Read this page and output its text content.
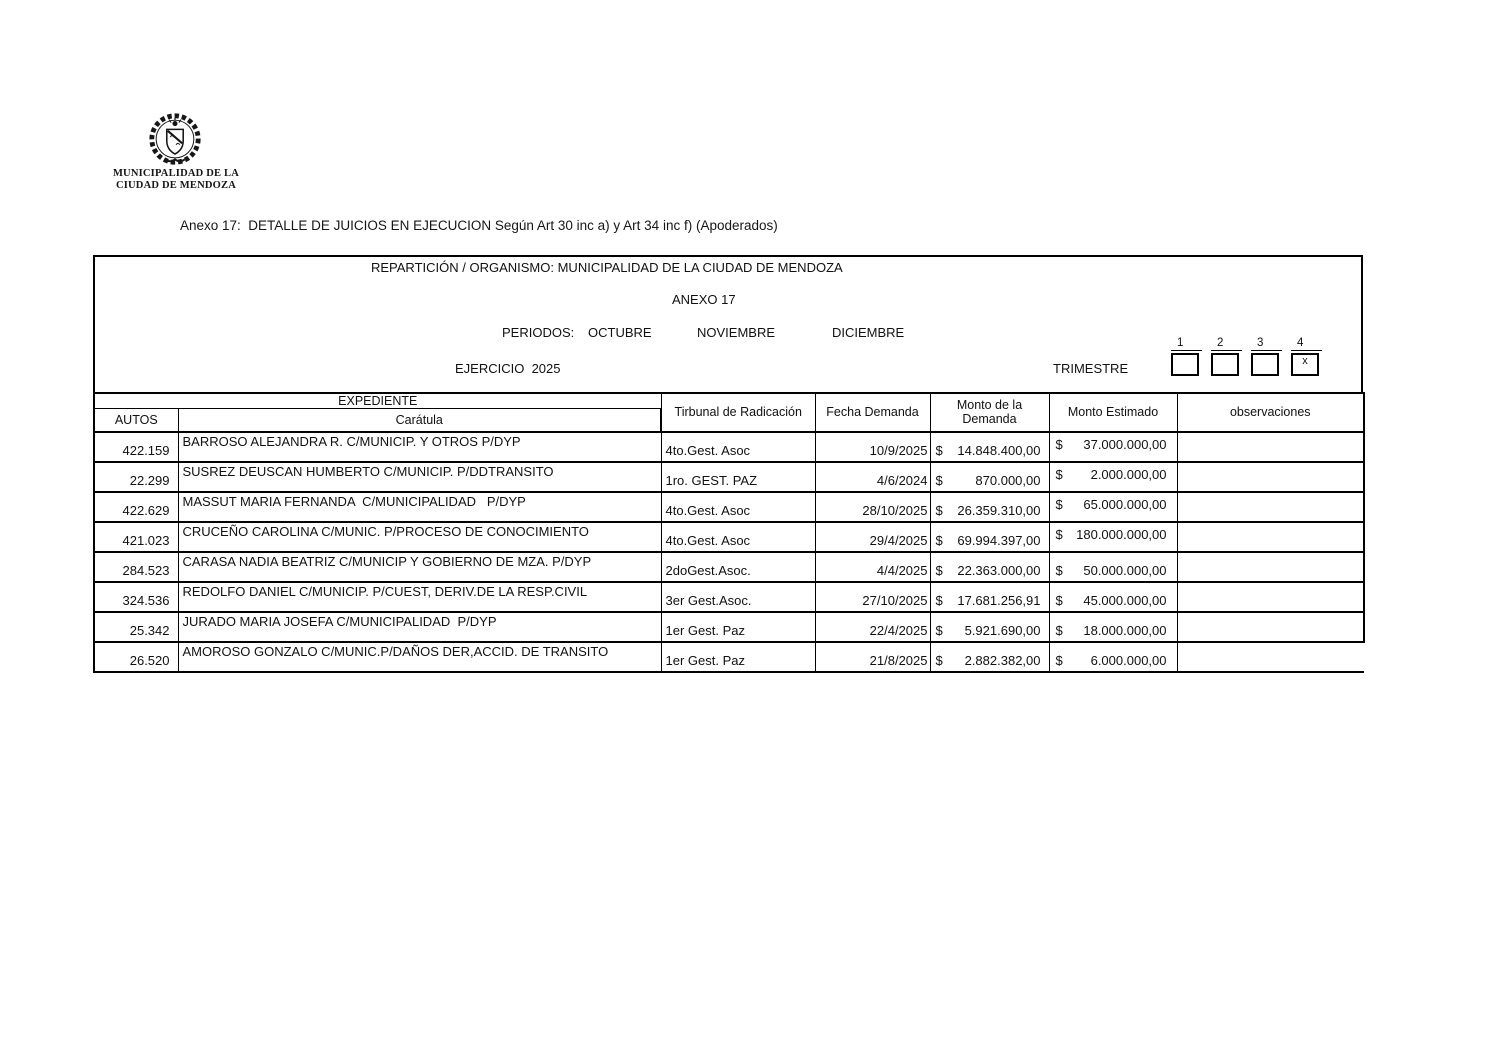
MUNICIPALIDAD DE LA
CIUDAD DE MENDOZA
Anexo 17:  DETALLE DE JUICIOS EN EJECUCION Según Art 30 inc a) y Art 34 inc f) (Apoderados)
REPARTICIÓN / ORGANISMO: MUNICIPALIDAD DE LA CIUDAD DE MENDOZA
ANEXO 17
PERIODOS: OCTUBRE	NOVIEMBRE	DICIEMBRE
EJERCICIO  2025	TRIMESTRE
1	2	3	4
x
EXPEDIENTE		Tirbunal de Radicación	Fecha Demanda	Monto de la Demanda	Monto Estimado	observaciones
AUTOS	Carátula					
422.159	BARROSO ALEJANDRA R. C/MUNICIP. Y OTROS P/DYP	4to.Gest. Asoc	10/9/2025	$ 14.848.400,00	$ 37.000.000,00	

22.299	SUSREZ DEUSCAN HUMBERTO C/MUNICIP. P/DDTRANSITO	1ro. GEST. PAZ	4/6/2024	$ 870.000,00	$ 2.000.000,00	

422.629	MASSUT MARIA FERNANDA  C/MUNICIPALIDAD   P/DYP	4to.Gest. Asoc	28/10/2025	$ 26.359.310,00	$ 65.000.000,00	

421.023	CRUCEÑO CAROLINA C/MUNIC. P/PROCESO DE CONOCIMIENTO	4to.Gest. Asoc	29/4/2025	$ 69.994.397,00	$ 180.000.000,00	

284.523	CARASA NADIA BEATRIZ C/MUNICIP Y GOBIERNO DE MZA. P/DYP	2doGest.Asoc.	4/4/2025	$ 22.363.000,00	$ 50.000.000,00	

324.536	REDOLFO DANIEL C/MUNICIP. P/CUEST, DERIV.DE LA RESP.CIVIL	3er Gest.Asoc.	27/10/2025	$ 17.681.256,91	$ 45.000.000,00	

25.342	JURADO MARIA JOSEFA C/MUNICIPALIDAD  P/DYP	1er Gest. Paz	22/4/2025	$ 5.921.690,00	$ 18.000.000,00	

26.520	AMOROSO GONZALO C/MUNIC.P/DAÑOS DER,ACCID. DE TRANSITO	1er Gest. Paz	21/8/2025	$ 2.882.382,00	$ 6.000.000,00	
